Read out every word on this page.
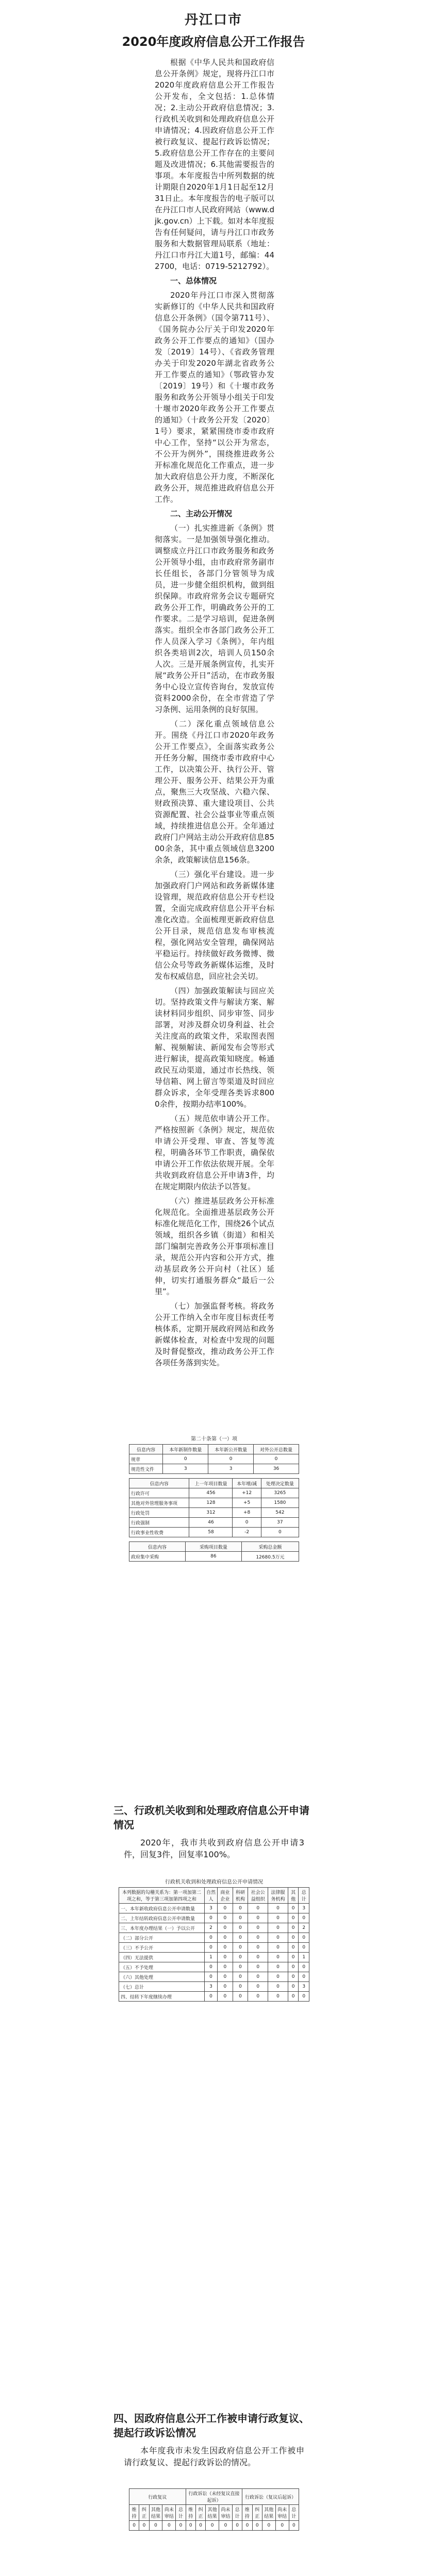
丹江口市

2020年度政府信息公开工作报告

根据《中华人民共和国政府信息公开条例》规定，现将丹江口市2020年度政府信息公开工作报告公开发布，全文包括：1.总体情况；2.主动公开政府信息情况；3.行政机关收到和处理政府信息公开申请情况；4.因政府信息公开工作被行政复议、提起行政诉讼情况；5.政府信息公开工作存在的主要问题及改进情况；6.其他需要报告的事项。本年度报告中所列数据的统计期限自2020年1月1日起至12月31日止。本年度报告的电子版可以在丹江口市人民政府网站（www.djk.gov.cn）上下载。如对本年度报告有任何疑问，请与丹江口市政务服务和大数据管理局联系（地址：丹江口市丹江大道1号，邮编：442700，电话：0719-5212792）。

一、总体情况

2020年丹江口市深入贯彻落实新修订的《中华人民共和国政府信息公开条例》（国令第711号）、《国务院办公厅关于印发2020年政务公开工作要点的通知》（国办发〔2019〕14号）、《省政务管理办关于印发2020年湖北省政务公开工作要点的通知》（鄂政管办发〔2019〕19号）和《十堰市政务服务和政务公开领导小组关于印发十堰市2020年政务公开工作要点的通知》（十政务公开发〔2020〕1号）要求，紧紧围绕市委市政府中心工作，坚持“以公开为常态，不公开为例外”，围绕推进政务公开标准化规范化工作重点，进一步加大政府信息公开力度，不断深化政务公开，规范推进政府信息公开工作。

二、主动公开情况

（一）扎实推进新《条例》贯彻落实。一是加强领导强化推动。调整成立丹江口市政务服务和政务公开领导小组，由市政府常务副市长任组长，各部门分管领导为成员，进一步健全组织机构，做到组织保障。市政府常务会议专题研究政务公开工作，明确政务公开的工作要求。二是学习培训，促进条例落实。组织全市各部门政务公开工作人员深入学习《条例》，年内组织各类培训2次，培训人员150余人次。三是开展条例宣传，扎实开展“政务公开日”活动，在市政务服务中心设立宣传咨询台，发放宣传资料2000余份，在全市营造了学习条例、运用条例的良好氛围。

（二）深化重点领域信息公开。围绕《丹江口市2020年政务公开工作要点》，全面落实政务公开任务分解，围绕市委市政府中心工作，以决策公开、执行公开、管理公开、服务公开、结果公开为重点，聚焦三大攻坚战、六稳六保、财政预决算、重大建设项目、公共资源配置、社会公益事业等重点领域，持续推进信息公开。全年通过政府门户网站主动公开政府信息8500余条，其中重点领域信息3200余条，政策解读信息156条。

（三）强化平台建设。进一步加强政府门户网站和政务新媒体建设管理，规范政府信息公开专栏设置，全面完成政府信息公开平台标准化改造。全面梳理更新政府信息公开目录，规范信息发布审核流程，强化网站安全管理，确保网站平稳运行。持续做好政务微博、微信公众号等政务新媒体运维，及时发布权威信息，回应社会关切。

（四）加强政策解读与回应关切。坚持政策文件与解读方案、解读材料同步组织、同步审签、同步部署，对涉及群众切身利益、社会关注度高的政策文件，采取图表图解、视频解读、新闻发布会等形式进行解读，提高政策知晓度。畅通政民互动渠道，通过市长热线、领导信箱、网上留言等渠道及时回应群众诉求，全年受理各类诉求8000余件，按期办结率100%。

（五）规范依申请公开工作。严格按照新《条例》规定，规范依申请公开受理、审查、答复等流程，明确各环节工作职责，确保依申请公开工作依法依规开展。全年共收到政府信息公开申请3件，均在规定期限内依法予以答复。

（六）推进基层政务公开标准化规范化。全面推进基层政务公开标准化规范化工作，围绕26个试点领域，组织各乡镇（街道）和相关部门编制完善政务公开事项标准目录，规范公开内容和公开方式，推动基层政务公开向村（社区）延伸，切实打通服务群众“最后一公里”。

（七）加强监督考核。将政务公开工作纳入全市年度目标责任考核体系，定期开展政府网站和政务新媒体检查，对检查中发现的问题及时督促整改，推动政务公开工作各项任务落到实处。

第二十条第（一）项
信息内容	本年新制作数量	本年新公开数量	对外公开总数量
规章	0	0	0
规范性文件	3	3	36
信息内容	上一年项目数量	本年增/减	处理决定数量
行政许可	456	+12	3265
其他对外管理服务事项	128	+5	1580
行政处罚	312	+8	542
行政强制	46	0	37
行政事业性收费	58	-2	0
信息内容	采购项目数量	采购总金额
政府集中采购	86	12680.5万元
三、行政机关收到和处理政府信息公开申请情况

2020年，我市共收到政府信息公开申请3件，回复3件，回复率100%。

行政机关收到和处理政府信息公开申请情况
本列数据的勾稽关系为：第一项加第二项之和，等于第三项加第四项之和	自然人	商业企业	科研机构	社会公益组织	法律服务机构	其他	总计
一、本年新收政府信息公开申请数量	3	0	0	0	0	0	3
二、上年结转政府信息公开申请数量	0	0	0	0	0	0	0
三、本年度办理结果（一）予以公开	2	0	0	0	0	0	2
（二）部分公开	0	0	0	0	0	0	0
（三）不予公开	0	0	0	0	0	0	0
（四）无法提供	1	0	0	0	0	0	1
（五）不予处理	0	0	0	0	0	0	0
（六）其他处理	0	0	0	0	0	0	0
（七）总计	3	0	0	0	0	0	3
四、结转下年度继续办理	0	0	0	0	0	0	0
四、因政府信息公开工作被申请行政复议、提起行政诉讼情况

本年度我市未发生因政府信息公开工作被申请行政复议、提起行政诉讼的情况。

行政复议					行政诉讼（未经复议直接起诉）					行政诉讼（复议后起诉）				
维持	纠正	其他结果	尚未审结	总计	维持	纠正	其他结果	尚未审结	总计	维持	纠正	其他结果	尚未审结	总计
0	0	0	0	0	0	0	0	0	0	0	0	0	0	0
